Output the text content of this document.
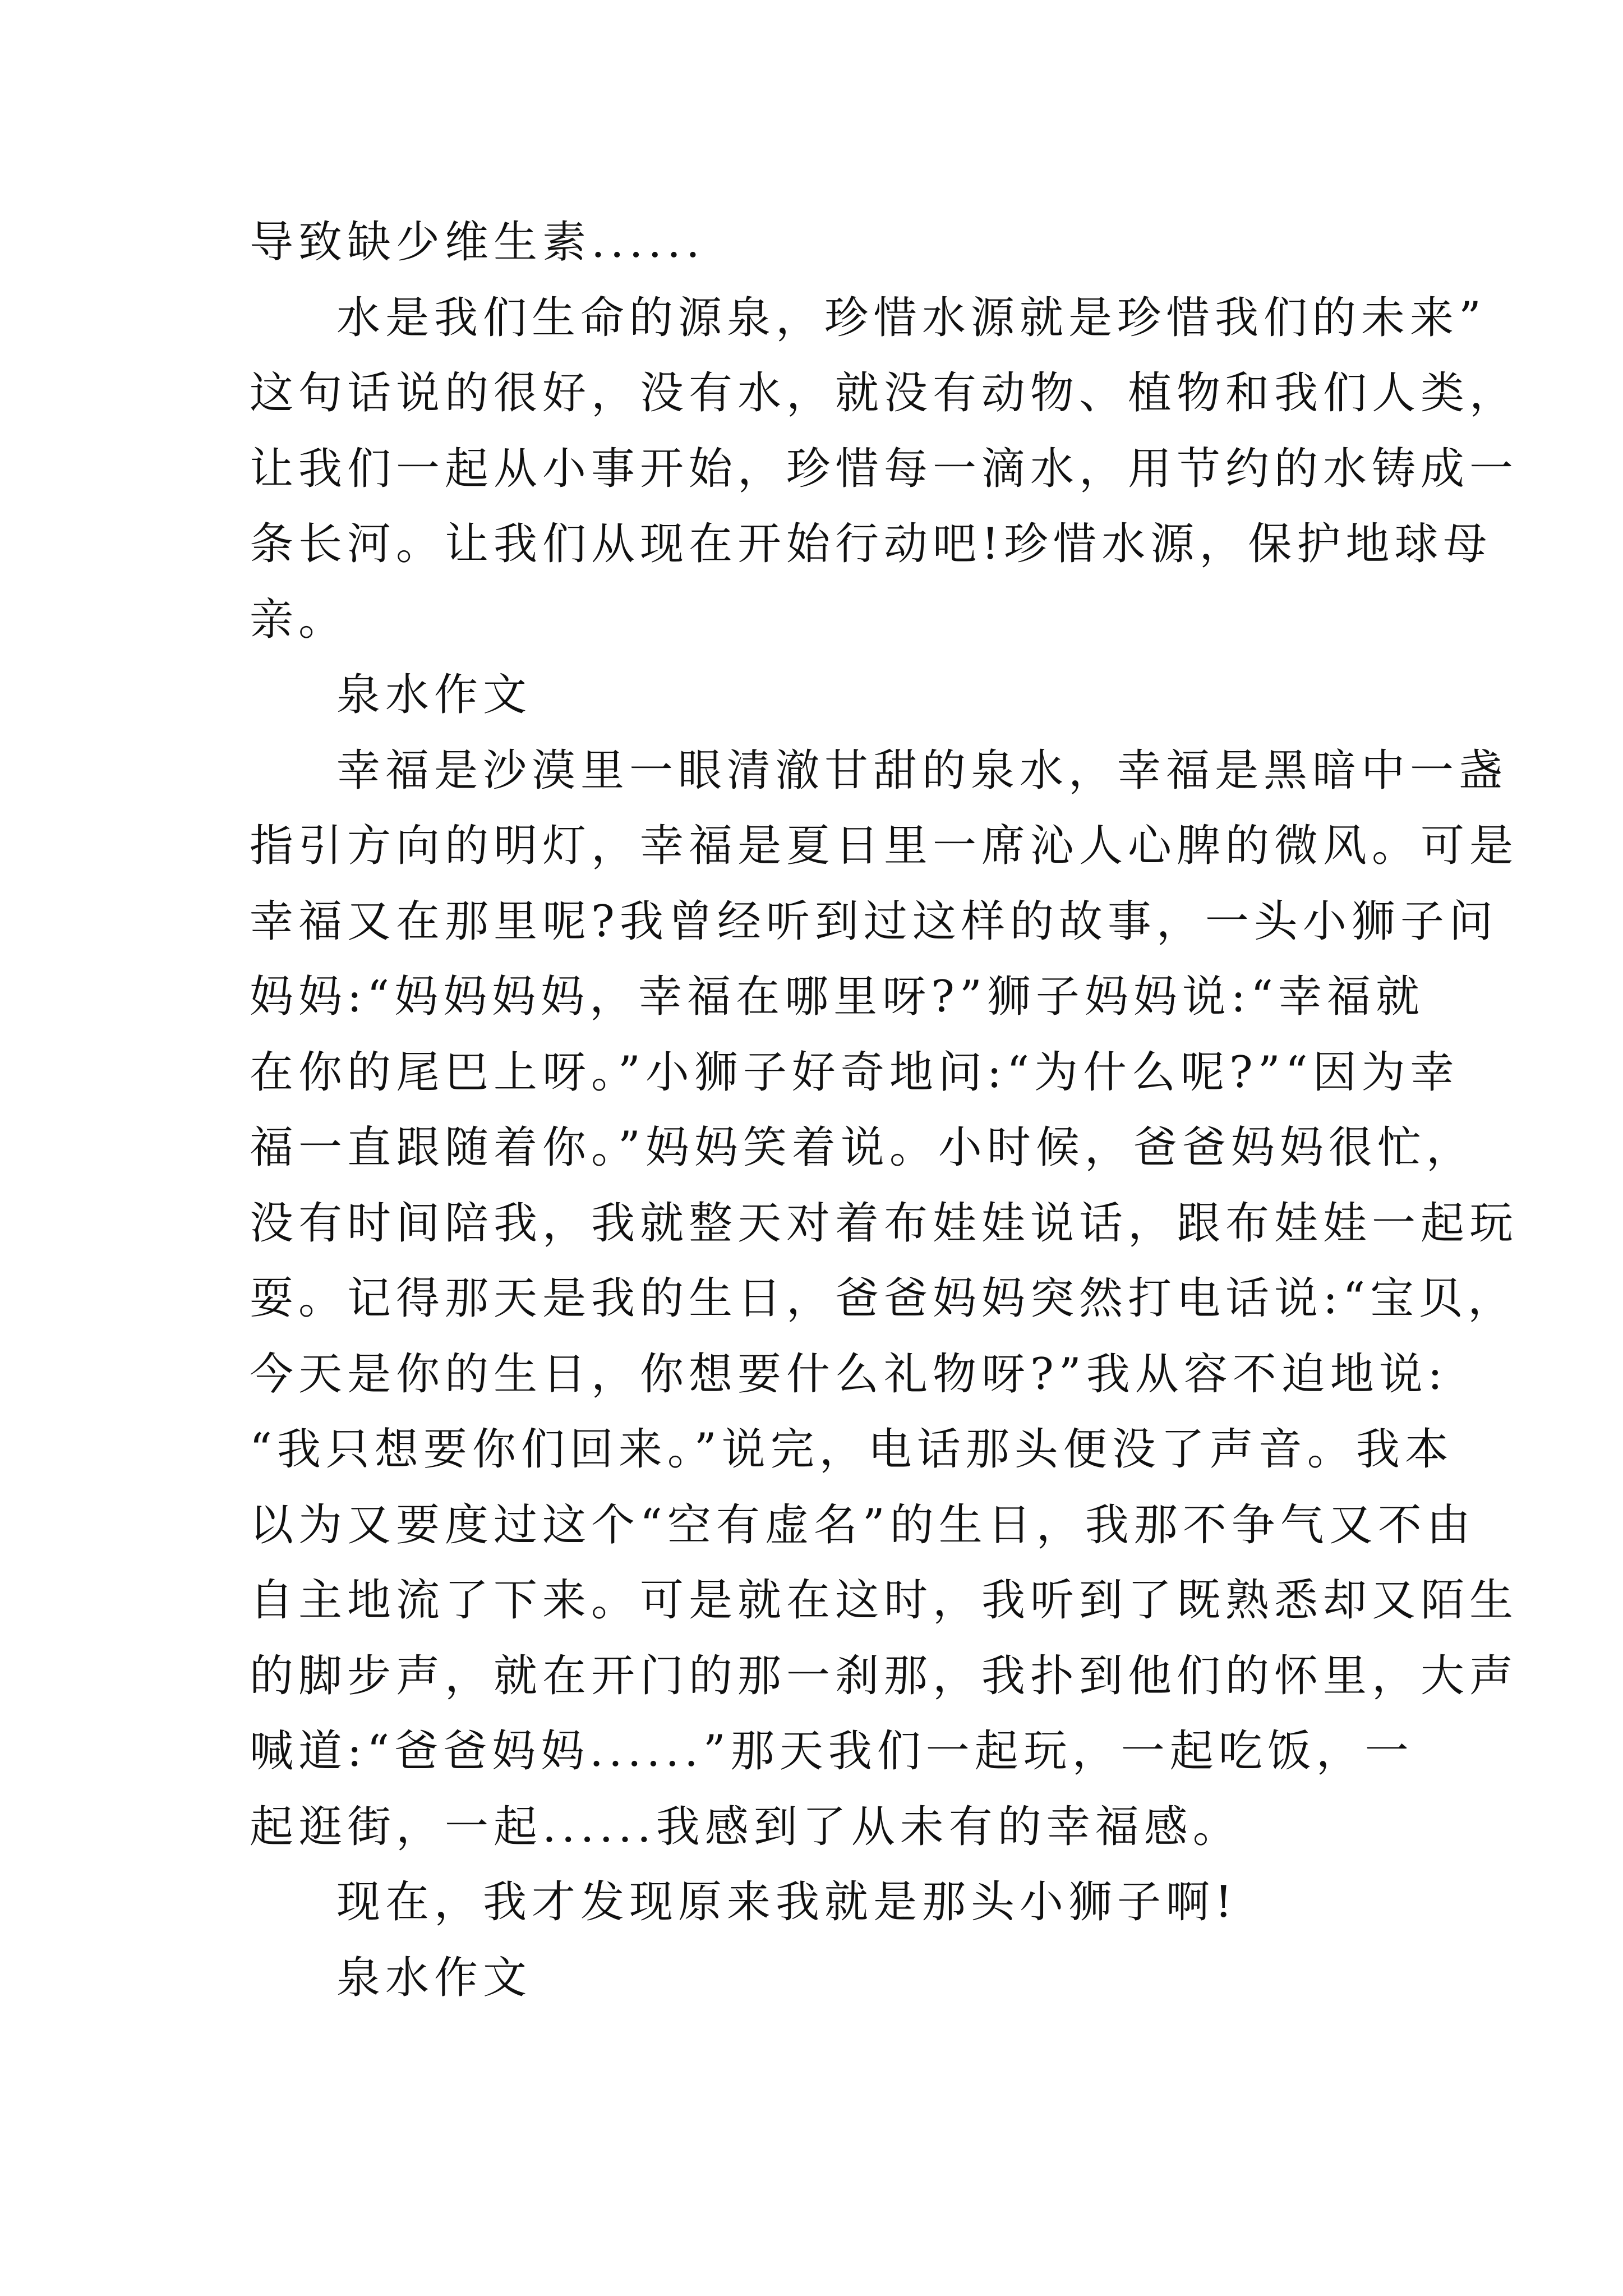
导致缺少维生素......
水是我们生命的源泉，珍惜水源就是珍惜我们的未来”
这句话说的很好，没有水，就没有动物、植物和我们人类，
让我们一起从小事开始，珍惜每一滴水，用节约的水铸成一
条长河。让我们从现在开始行动吧!珍惜水源，保护地球母
亲。
泉水作文
幸福是沙漠里一眼清澈甘甜的泉水，幸福是黑暗中一盏
指引方向的明灯，幸福是夏日里一席沁人心脾的微风。可是
幸福又在那里呢?我曾经听到过这样的故事，一头小狮子问
妈妈:“妈妈妈妈，幸福在哪里呀?”狮子妈妈说:“幸福就
在你的尾巴上呀。”小狮子好奇地问:“为什么呢?”“因为幸
福一直跟随着你。”妈妈笑着说。小时候，爸爸妈妈很忙，
没有时间陪我，我就整天对着布娃娃说话，跟布娃娃一起玩
耍。记得那天是我的生日，爸爸妈妈突然打电话说:“宝贝，
今天是你的生日，你想要什么礼物呀?”我从容不迫地说:
“我只想要你们回来。”说完，电话那头便没了声音。我本
以为又要度过这个“空有虚名”的生日，我那不争气又不由
自主地流了下来。可是就在这时，我听到了既熟悉却又陌生
的脚步声，就在开门的那一刹那，我扑到他们的怀里，大声
喊道:“爸爸妈妈......”那天我们一起玩，一起吃饭，一
起逛街，一起......我感到了从未有的幸福感。
现在，我才发现原来我就是那头小狮子啊!
泉水作文
